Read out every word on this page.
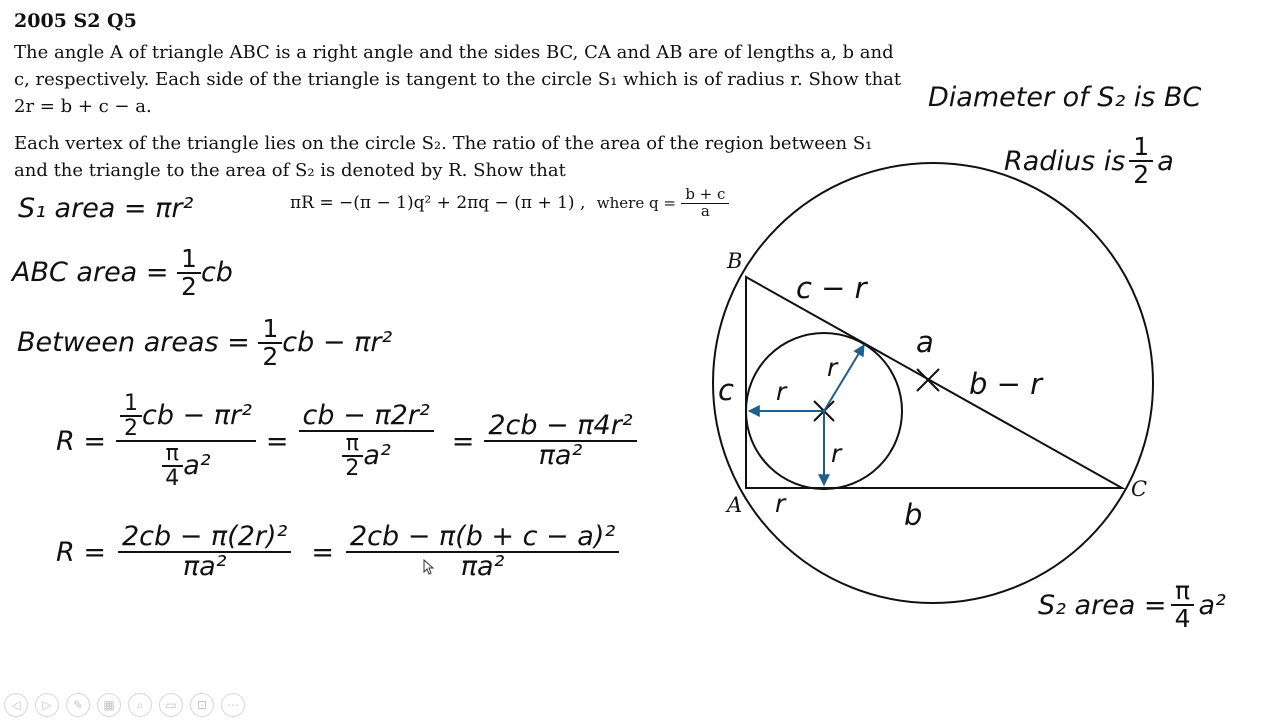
2005 S2 Q5
The angle A of triangle ABC is a right angle and the sides BC, CA and AB are of lengths a, b and c, respectively. Each side of the triangle is tangent to the circle S₁ which is of radius r. Show that 2r = b + c − a.
Each vertex of the triangle lies on the circle S₂. The ratio of the area of the region between S₁ and the triangle to the area of S₂ is denoted by R. Show that
πR = −(π − 1)q² + 2πq − (π + 1) , where $q = \frac{b + c}{a}$
S₁ area = πr²
ABC area = $\frac{1}{2}$ cb
Between areas = $\frac{1}{2}$ cb − πr²
$R = \frac{\frac{1}{2} cb - \pi r^2}{\frac{\pi}{4} a^2} = \frac{\text{cb − π2r²}}{\frac{\pi}{2} a^2} = \frac{\text{2cb − π4r²}}{\text{πa²}}$
$R = \frac{\text{2cb − π(2r)²}}{\text{πa²}} = \frac{\text{2cb − π(b + c − a)²}}{\text{πa²}}$
Diameter of S₂ is BC
Radius is $\frac{1}{2}$ a
S₂ area = $\frac{\pi}{4} a^2$
B
A
C
c − r
a
b − r
c
b
r
r
r
r
◁	▷	✎	▦	⌕	▭	⊡	⋯
